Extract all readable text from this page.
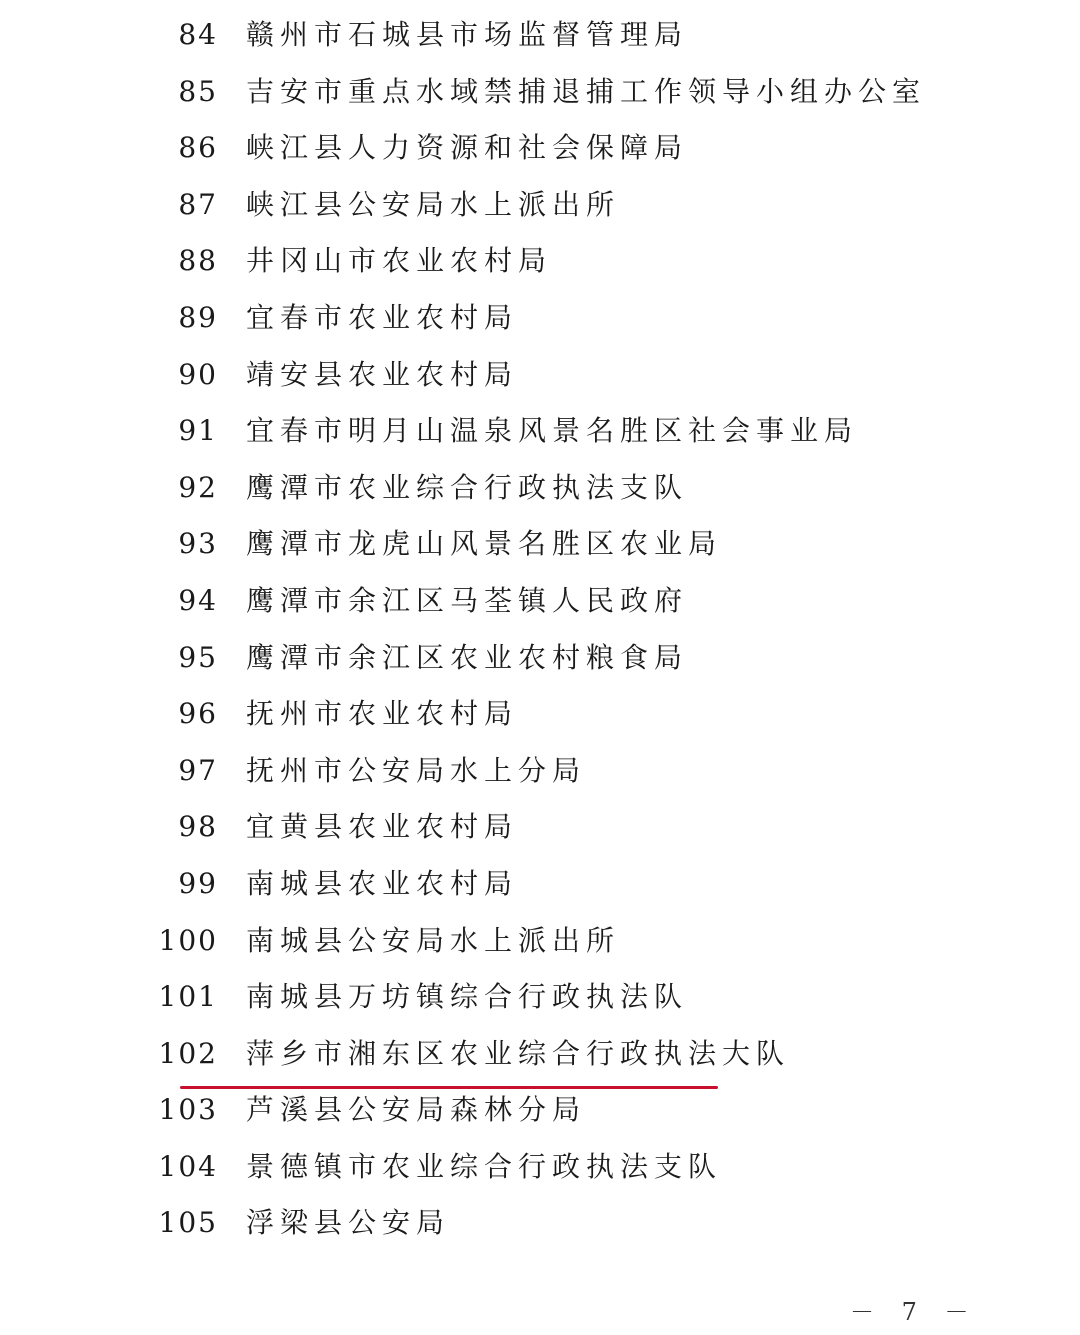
84 赣州市石城县市场监督管理局
85 吉安市重点水域禁捕退捕工作领导小组办公室
86 峡江县人力资源和社会保障局
87 峡江县公安局水上派出所
88 井冈山市农业农村局
89 宜春市农业农村局
90 靖安县农业农村局
91 宜春市明月山温泉风景名胜区社会事业局
92 鹰潭市农业综合行政执法支队
93 鹰潭市龙虎山风景名胜区农业局
94 鹰潭市余江区马荃镇人民政府
95 鹰潭市余江区农业农村粮食局
96 抚州市农业农村局
97 抚州市公安局水上分局
98 宜黄县农业农村局
99 南城县农业农村局
100 南城县公安局水上派出所
101 南城县万坊镇综合行政执法队
102 萍乡市湘东区农业综合行政执法大队
103 芦溪县公安局森林分局
104 景德镇市农业综合行政执法支队
105 浮梁县公安局
－ 7 －
